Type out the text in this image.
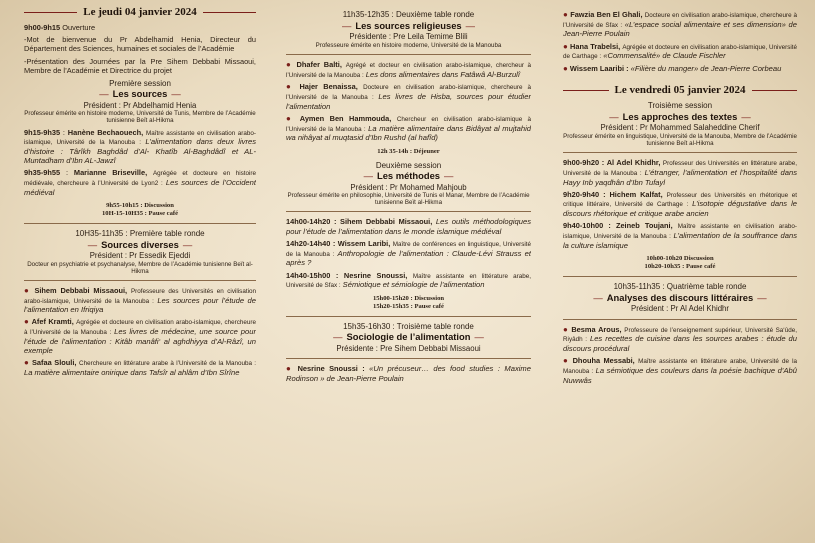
Le jeudi 04 janvier 2024
9h00-9h15 Ouverture
-Mot de bienvenue du Pr Abdelhamid Henia, Directeur du Département des Sciences, humaines et sociales de l’Académie
-Présentation des Journées par la Pre Sihem Debbabi Missaoui, Membre de l’Académie et Directrice du projet
Première session
— Les sources —
Président : Pr Abdelhamid Henia
Professeur émérite en histoire moderne, Université de Tunis, Membre de l’Académie tunisienne Beït al-Hikma
9h15-9h35 : Hanène Bechaouech, Maître assistante en civilisation arabo-islamique, Université de la Manouba : L’alimentation dans deux livres d’histoire : Târîkh Baghdâd d’Al- Khatîb Al-Baghdâdî et AL-Muntadham d’Ibn AL-Jawzî
9h35-9h55 : Marianne Briseville, Agrégée et docteure en histoire médiévale, chercheure à l’Université de Lyon2 : Les sources de l’Occident médiéval
9h55-10h15 : Discussion
10H-15-10H35 : Pause café
10H35-11h35 : Première table ronde
— Sources diverses —
Président : Pr Essedik Ejeddi
Docteur en psychiatrie et psychanalyse, Membre de l’Académie tunisienne Beït al-Hikma
● Sihem Debbabi Missaoui, Professeure des Universités en civilisation arabo-islamique, Université de la Manouba : Les sources pour l’étude de l’alimentation en Ifriqiya
● Afef Kramti, Agrégée et docteure en civilisation arabo-islamique, chercheure à l’Université de la Manouba : Les livres de médecine, une source pour l’étude de l’alimentation : Kitâb manâfi‘ al aghdhiyya d’Al-Râzî, un exemple
● Safaa Slouli, Chercheure en littérature arabe à l’Université de la Manouba : La matière alimentaire onirique dans Tafsîr al ahlâm d’Ibn Sîrîne
11h35-12h35 : Deuxième table ronde
— Les sources religieuses —
Présidente : Pre Leila Temime Blili
Professeure émérite en histoire moderne, Université de la Manouba
● Dhafer Balti, Agrégé et docteur en civilisation arabo-islamique, chercheur à l’Université de la Manouba : Les dons alimentaires dans Fatâwâ Al-Burzulî
● Hajer Benaissa, Docteure en civilisation arabo-islamique, chercheure à l’Université de la Manouba : Les livres de Hisba, sources pour étudier l’alimentation
● Aymen Ben Hammouda, Chercheur en civilisation arabo-islamique à l’Université de la Manouba : La matière alimentaire dans Bidâyat al mujtahid wa nihâyat al muqtasid d’Ibn Rushd (al hafîd)
12h 35-14h : Déjeuner
Deuxième session
— Les méthodes —
Président : Pr Mohamed Mahjoub
Professeur émérite en philosophie, Université de Tunis el Manar, Membre de l’Académie tunisienne Beït al-Hikma
14h00-14h20 : Sihem Debbabi Missaoui, Les outils méthodologiques pour l’étude de l’alimentation dans le monde islamique médiéval
14h20-14h40 : Wissem Laribi, Maître de conférences en linguistique, Université de la Manouba : Anthropologie de l’alimentation : Claude-Lévi Strauss et après ?
14h40-15h00 : Nesrine Snoussi, Maître assistante en littérature arabe, Université de Sfax : Sémiotique et sémiologie de l’alimentation
15h00-15h20 : Discussion
15h20-15h35 : Pause café
15h35-16h30 : Troisième table ronde
— Sociologie de l’alimentation —
Présidente : Pre Sihem Debbabi Missaoui
● Nesrine Snoussi : «Un précuseur… des food studies : Maxime Rodinson » de Jean-Pierre Poulain
● Fawzia Ben El Ghali, Docteure en civilisation arabo-islamique, chercheure à l’Université de Sfax : «L’espace social alimentaire et ses dimension» de Jean-Pierre Poulain
● Hana Trabelsi, Agrégée et docteure en civilisation arabo-islamique, Université de Carthage : «Commensalité» de Claude Fischler
● Wissem Laaribi : «Filière du manger» de Jean-Pierre Corbeau
Le vendredi 05 janvier 2024
Troisième session
— Les approches des textes —
Président : Pr Mohammed Salaheddine Cherif
Professeur émérite en linguistique, Université de la Manouba, Membre de l’Académie tunisienne Beït al-Hikma
9h00-9h20 : Al Adel Khidhr, Professeur des Universités en littérature arabe, Université de la Manouba : L’étranger, l’alimentation et l’hospitalité dans Hayy Inb yaqdhân d’Ibn Tufayl
9h20-9h40 : Hichem Kalfat, Professeur des Universités en rhétorique et critique littéraire, Université de Carthage : L’isotopie dégustative dans le discours rhétorique et critique arabe ancien
9h40-10h00 : Zeineb Toujani, Maître assistante en civilisation arabo-islamique, Université de la Manouba : L’alimentation de la souffrance dans la culture islamique
10h00-10h20 Discussion
10h20-10h35 : Pause café
10h35-11h35 : Quatrième table ronde
— Analyses des discours littéraires —
Président : Pr Al Adel Khidhr
● Besma Arous, Professeure de l’enseignement supérieur, Université Sa‘ûde, Riyâdh : Les recettes de cuisine dans les sources arabes : étude du discours procédural
● Dhouha Messabi, Maître assistante en littérature arabe, Université de la Manouba : La sémiotique des couleurs dans la poésie bachique d’Abû Nuwwâs
